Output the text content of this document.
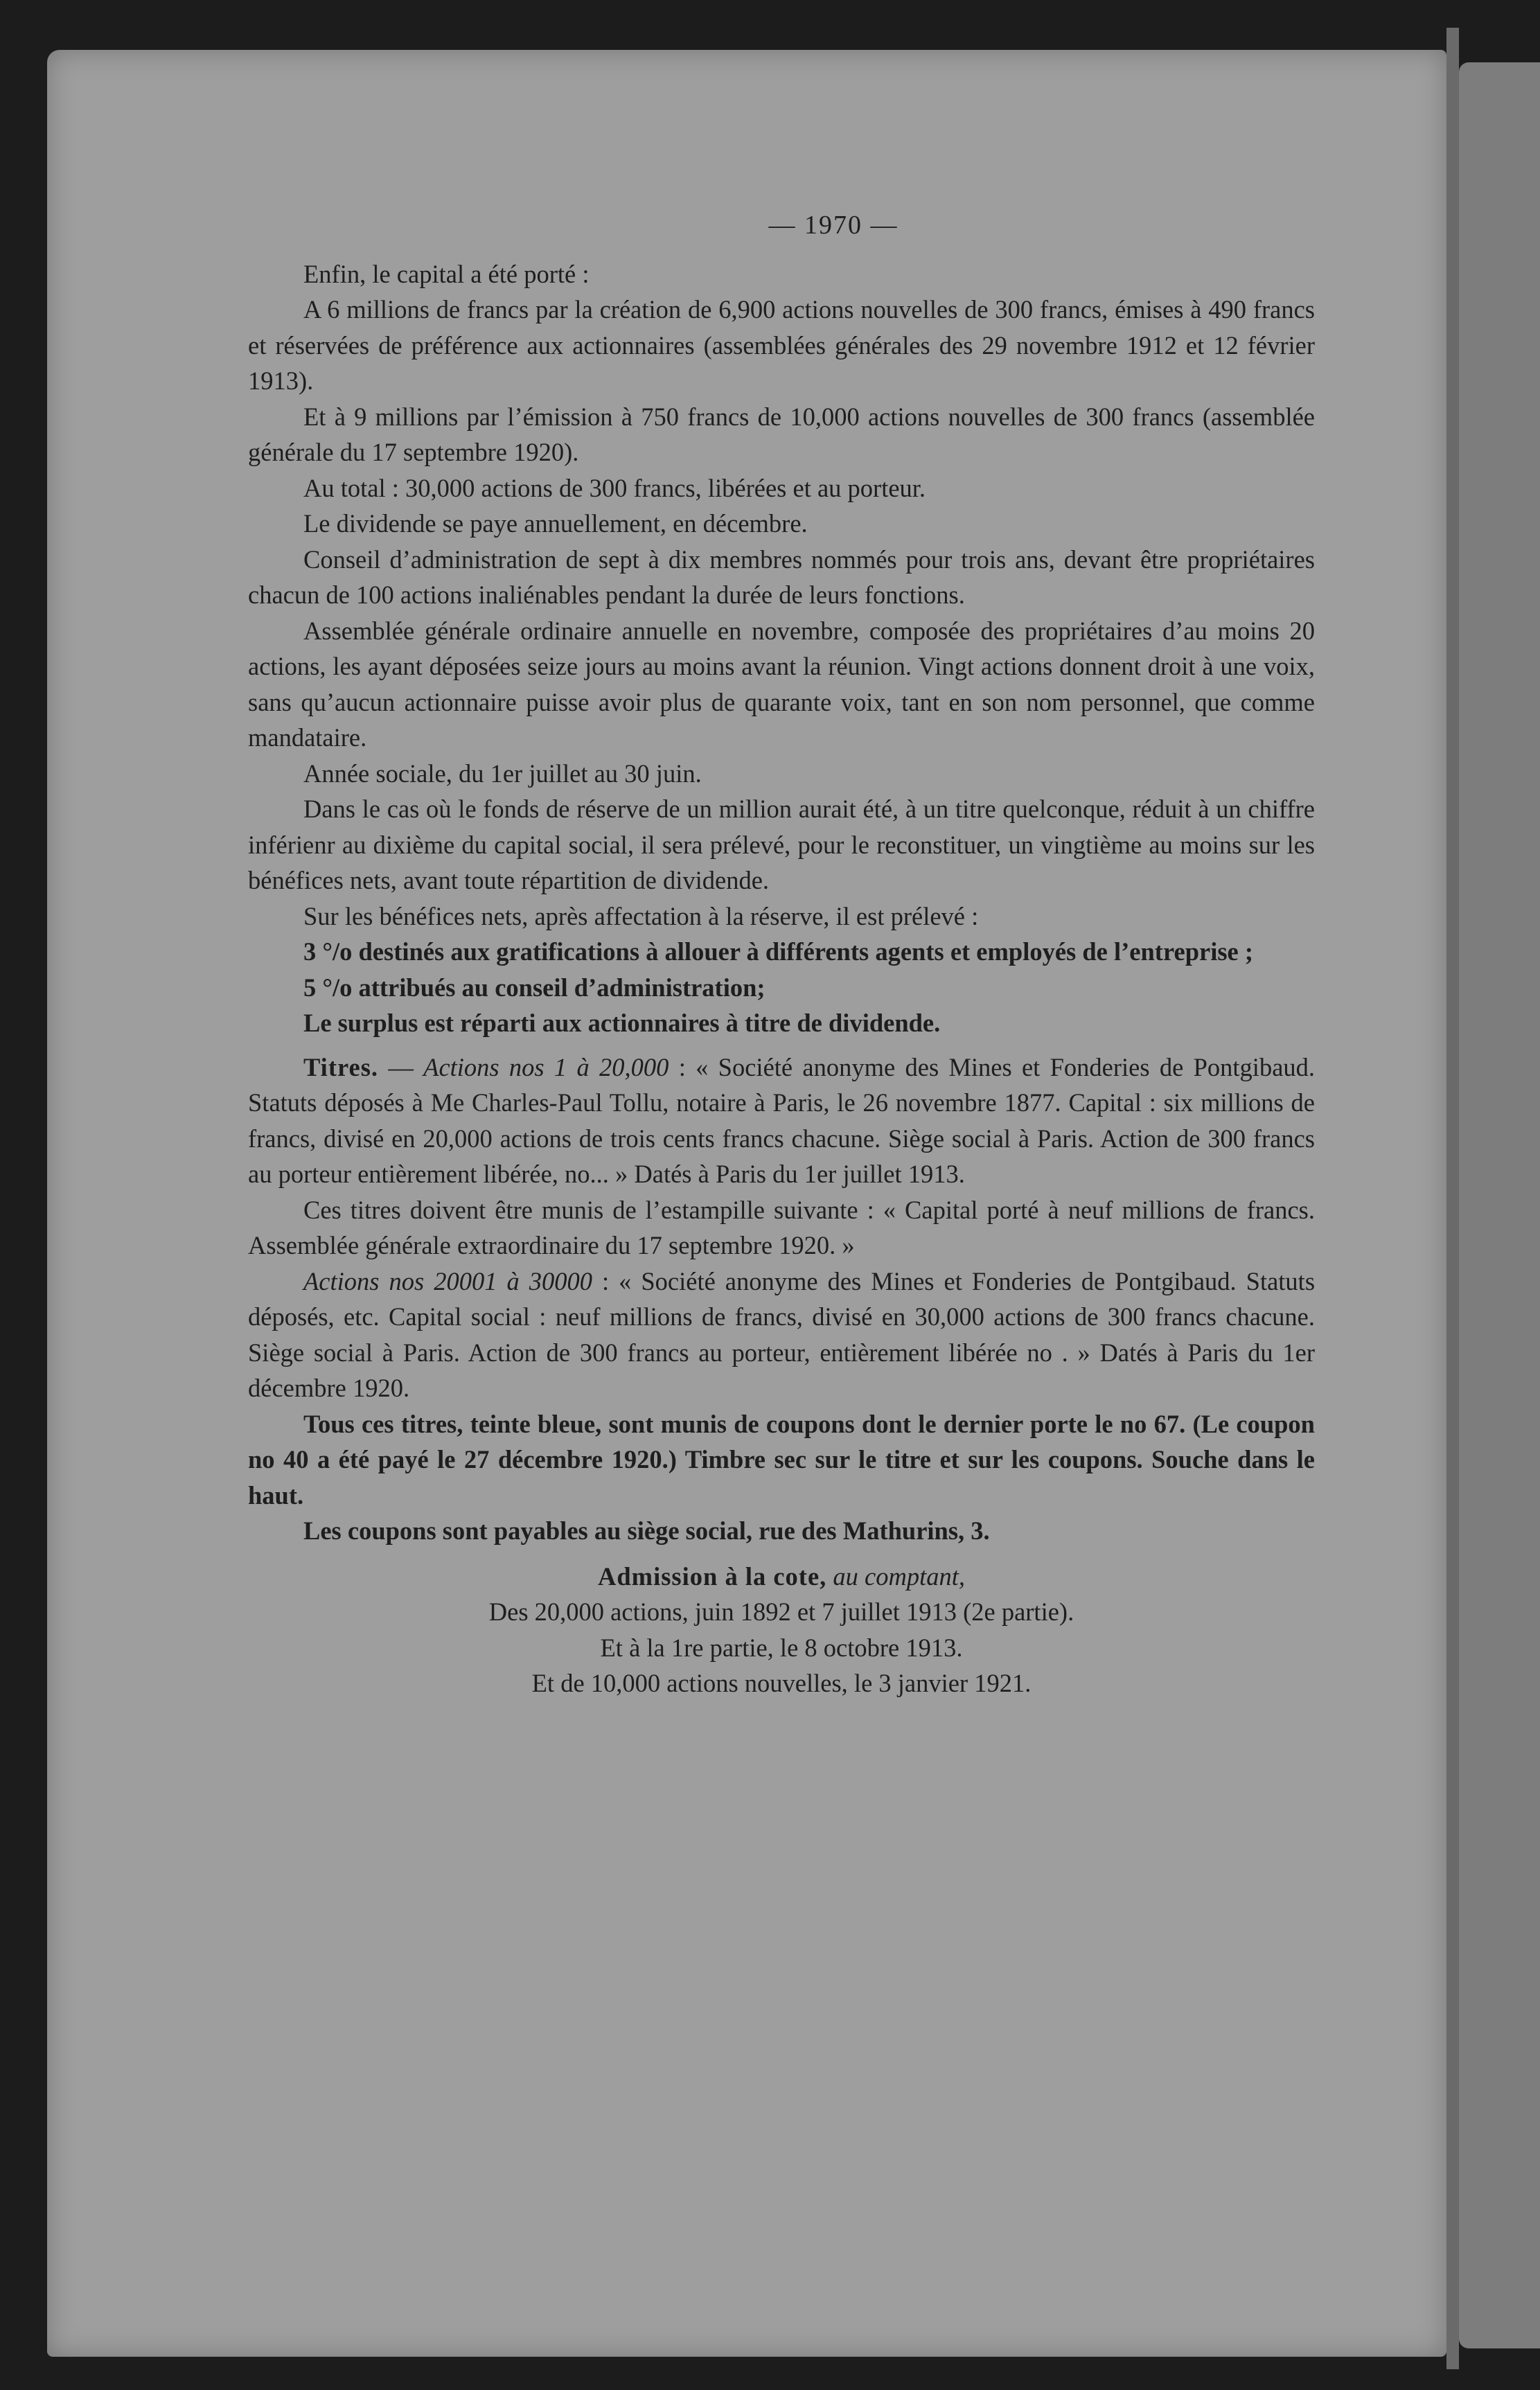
— 1970 —

Enfin, le capital a été porté :

A 6 millions de francs par la création de 6,900 actions nouvelles de 300 francs, émises à 490 francs et réservées de préférence aux actionnaires (assemblées générales des 29 novembre 1912 et 12 février 1913).

Et à 9 millions par l’émission à 750 francs de 10,000 actions nouvelles de 300 francs (assemblée générale du 17 septembre 1920).

Au total : 30,000 actions de 300 francs, libérées et au porteur.

Le dividende se paye annuellement, en décembre.

Conseil d’administration de sept à dix membres nommés pour trois ans, devant être propriétaires chacun de 100 actions inaliénables pendant la durée de leurs fonctions.

Assemblée générale ordinaire annuelle en novembre, composée des propriétaires d’au moins 20 actions, les ayant déposées seize jours au moins avant la réunion. Vingt actions donnent droit à une voix, sans qu’aucun actionnaire puisse avoir plus de quarante voix, tant en son nom personnel, que comme mandataire.

Année sociale, du 1er juillet au 30 juin.

Dans le cas où le fonds de réserve de un million aurait été, à un titre quelconque, réduit à un chiffre inférienr au dixième du capital social, il sera prélevé, pour le reconstituer, un vingtième au moins sur les bénéfices nets, avant toute répartition de dividende.

Sur les bénéfices nets, après affectation à la réserve, il est prélevé :

3 °/o destinés aux gratifications à allouer à différents agents et employés de l’entreprise ;

5 °/o attribués au conseil d’administration;

Le surplus est réparti aux actionnaires à titre de dividende.

Titres. — Actions nos 1 à 20,000 : « Société anonyme des Mines et Fonderies de Pontgibaud. Statuts déposés à Me Charles-Paul Tollu, notaire à Paris, le 26 novembre 1877. Capital : six millions de francs, divisé en 20,000 actions de trois cents francs chacune. Siège social à Paris. Action de 300 francs au porteur entièrement libérée, no... » Datés à Paris du 1er juillet 1913.

Ces titres doivent être munis de l’estampille suivante : « Capital porté à neuf millions de francs. Assemblée générale extraordinaire du 17 septembre 1920. »

Actions nos 20001 à 30000 : « Société anonyme des Mines et Fonderies de Pontgibaud. Statuts déposés, etc. Capital social : neuf millions de francs, divisé en 30,000 actions de 300 francs chacune. Siège social à Paris. Action de 300 francs au porteur, entièrement libérée no . » Datés à Paris du 1er décembre 1920.

Tous ces titres, teinte bleue, sont munis de coupons dont le dernier porte le no 67. (Le coupon no 40 a été payé le 27 décembre 1920.) Timbre sec sur le titre et sur les coupons. Souche dans le haut.

Les coupons sont payables au siège social, rue des Mathurins, 3.

Admission à la cote, au comptant,
Des 20,000 actions, juin 1892 et 7 juillet 1913 (2e partie).
Et à la 1re partie, le 8 octobre 1913.
Et de 10,000 actions nouvelles, le 3 janvier 1921.
